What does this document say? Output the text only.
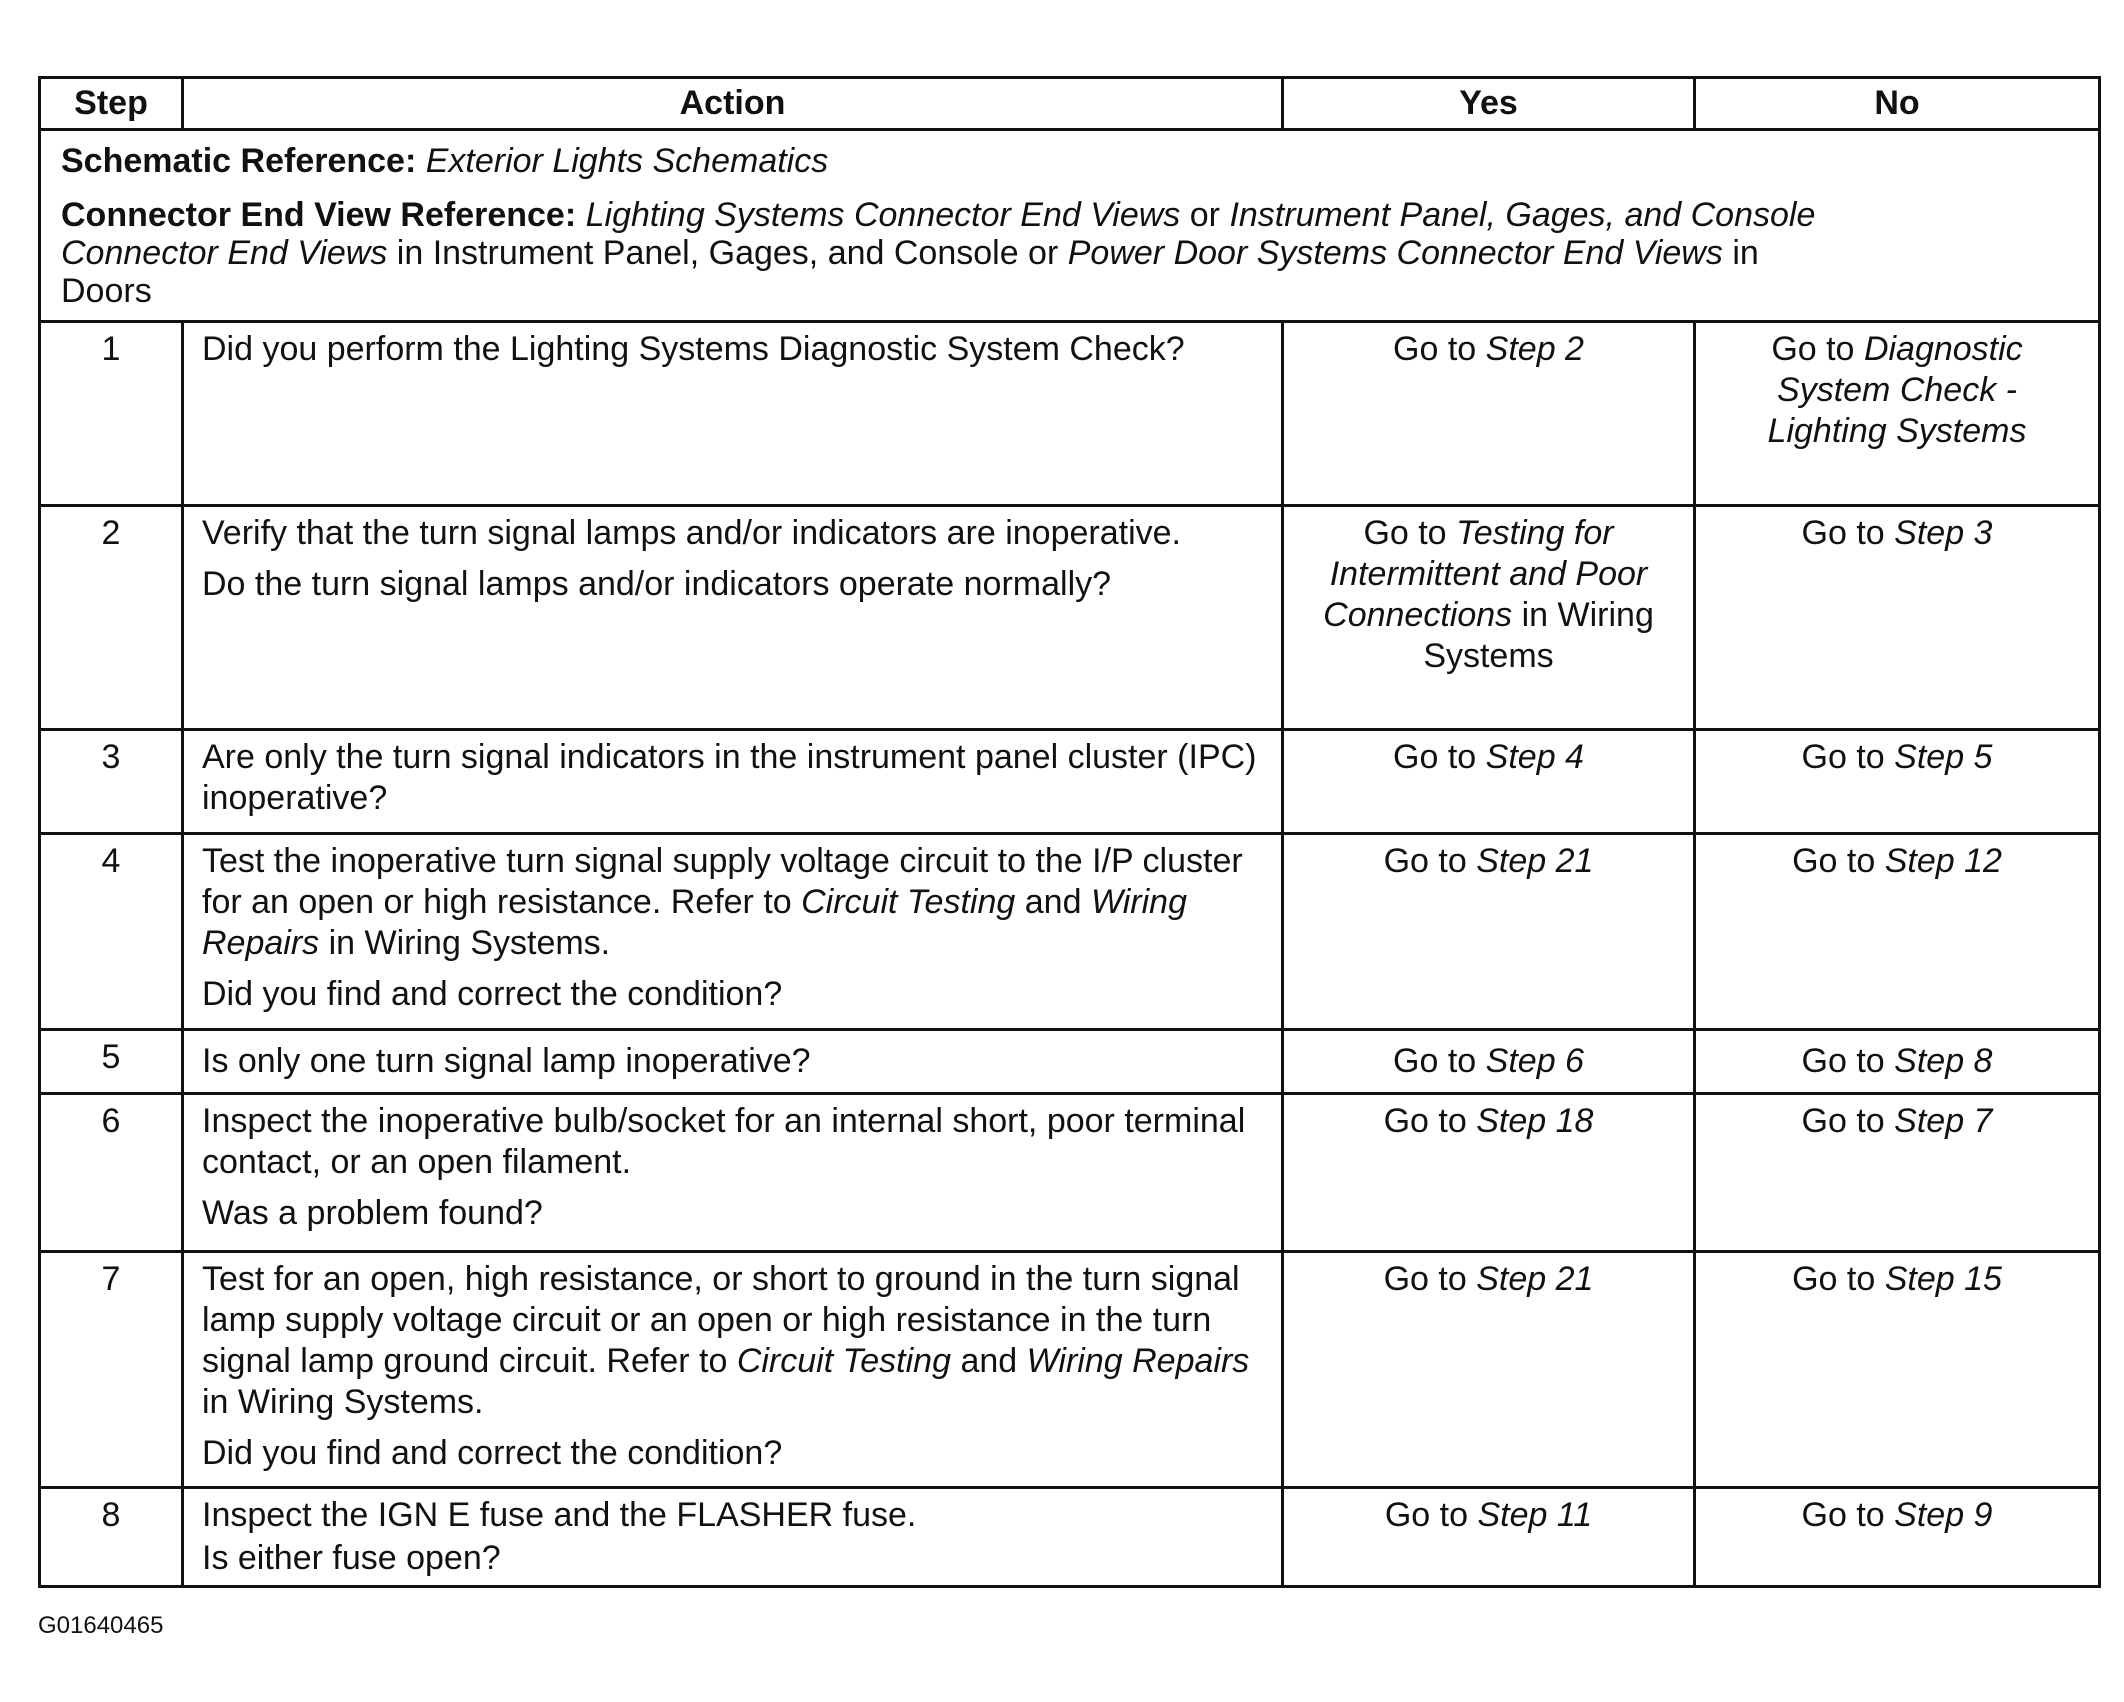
Step	Action	Yes	No

Schematic Reference: Exterior Lights Schematics

Connector End View Reference: Lighting Systems Connector End Views or Instrument Panel, Gages, and Console Connector End Views in Instrument Panel, Gages, and Console or Power Door Systems Connector End Views in Doors			

1	Did you perform the Lighting Systems Diagnostic System Check?	Go to Step 2	Go to Diagnostic System Check - Lighting Systems
2	Verify that the turn signal lamps and/or indicators are inoperative.

Do the turn signal lamps and/or indicators operate normally?	Go to Testing for Intermittent and Poor Connections in Wiring Systems	Go to Step 3
3	Are only the turn signal indicators in the instrument panel cluster (IPC) inoperative?	Go to Step 4	Go to Step 5
4	Test the inoperative turn signal supply voltage circuit to the I/P cluster for an open or high resistance. Refer to Circuit Testing and Wiring Repairs in Wiring Systems.

Did you find and correct the condition?	Go to Step 21	Go to Step 12
5	Is only one turn signal lamp inoperative?	Go to Step 6	Go to Step 8
6	Inspect the inoperative bulb/socket for an internal short, poor terminal contact, or an open filament.

Was a problem found?	Go to Step 18	Go to Step 7
7	Test for an open, high resistance, or short to ground in the turn signal lamp supply voltage circuit or an open or high resistance in the turn signal lamp ground circuit. Refer to Circuit Testing and Wiring Repairs in Wiring Systems.

Did you find and correct the condition?	Go to Step 21	Go to Step 15
8	Inspect the IGN E fuse and the FLASHER fuse.

Is either fuse open?	Go to Step 11	Go to Step 9
G01640465
